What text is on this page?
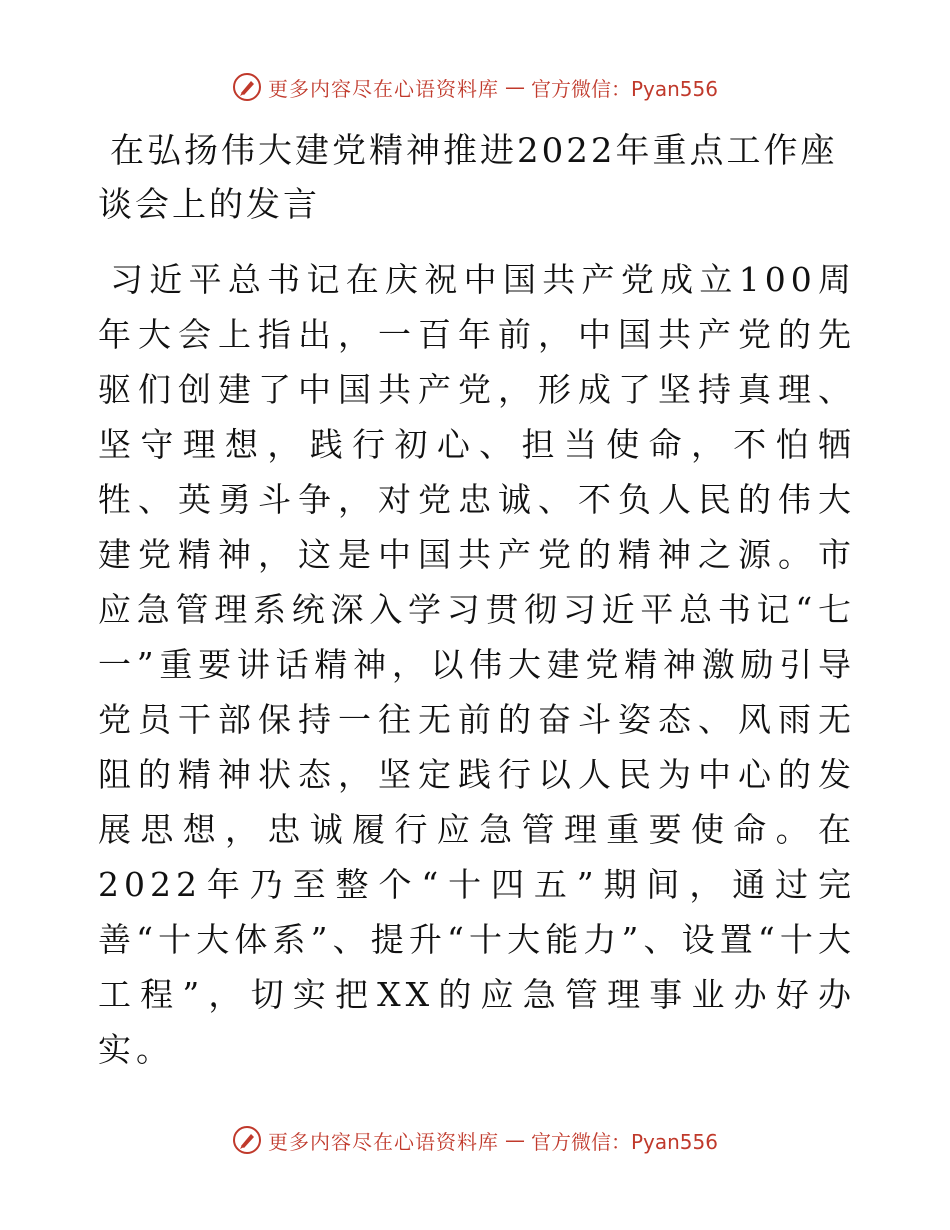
更多内容尽在心语资料库 — 官方微信：Pyan556
在弘扬伟大建党精神推进2022年重点工作座谈会上的发言

习近平总书记在庆祝中国共产党成立100周年大会上指出，一百年前，中国共产党的先驱们创建了中国共产党，形成了坚持真理、坚守理想，践行初心、担当使命，不怕牺牲、英勇斗争，对党忠诚、不负人民的伟大建党精神，这是中国共产党的精神之源。市应急管理系统深入学习贯彻习近平总书记“七一”重要讲话精神，以伟大建党精神激励引导党员干部保持一往无前的奋斗姿态、风雨无阻的精神状态，坚定践行以人民为中心的发展思想，忠诚履行应急管理重要使命。在2022年乃至整个“十四五”期间，通过完善“十大体系”、提升“十大能力”、设置“十大工程”，切实把XX的应急管理事业办好办实。

更多内容尽在心语资料库 — 官方微信：Pyan556
